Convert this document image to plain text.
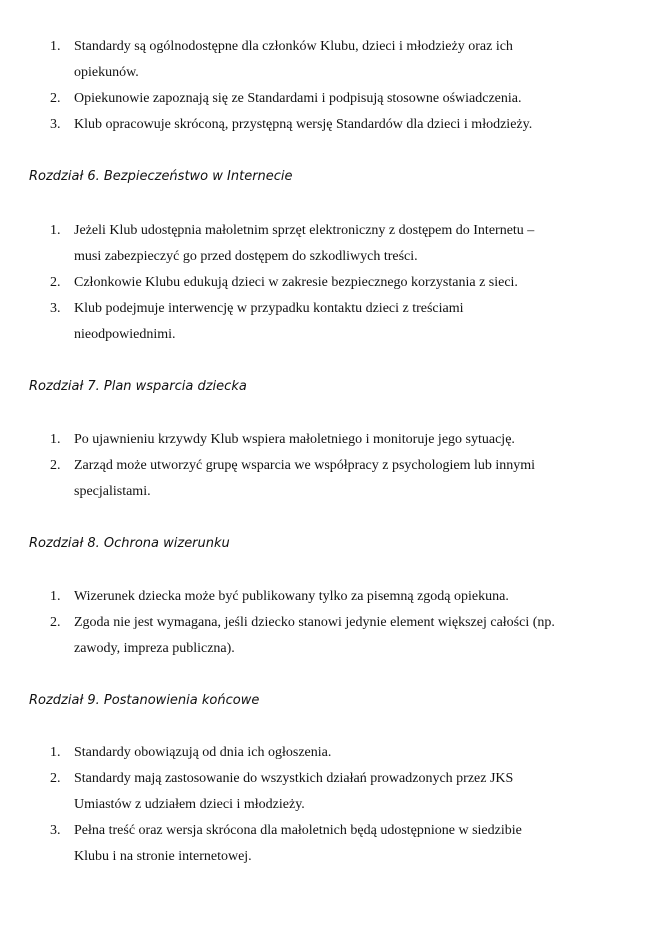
1. Standardy są ogólnodostępne dla członków Klubu, dzieci i młodzieży oraz ich
opiekunów.
2. Opiekunowie zapoznają się ze Standardami i podpisują stosowne oświadczenia.
3. Klub opracowuje skróconą, przystępną wersję Standardów dla dzieci i młodzieży.
Rozdział 6. Bezpieczeństwo w Internecie
1. Jeżeli Klub udostępnia małoletnim sprzęt elektroniczny z dostępem do Internetu –
musi zabezpieczyć go przed dostępem do szkodliwych treści.
2. Członkowie Klubu edukują dzieci w zakresie bezpiecznego korzystania z sieci.
3. Klub podejmuje interwencję w przypadku kontaktu dzieci z treściami
nieodpowiednimi.
Rozdział 7. Plan wsparcia dziecka
1. Po ujawnieniu krzywdy Klub wspiera małoletniego i monitoruje jego sytuację.
2. Zarząd może utworzyć grupę wsparcia we współpracy z psychologiem lub innymi
specjalistami.
Rozdział 8. Ochrona wizerunku
1. Wizerunek dziecka może być publikowany tylko za pisemną zgodą opiekuna.
2. Zgoda nie jest wymagana, jeśli dziecko stanowi jedynie element większej całości (np.
zawody, impreza publiczna).
Rozdział 9. Postanowienia końcowe
1. Standardy obowiązują od dnia ich ogłoszenia.
2. Standardy mają zastosowanie do wszystkich działań prowadzonych przez JKS
Umiastów z udziałem dzieci i młodzieży.
3. Pełna treść oraz wersja skrócona dla małoletnich będą udostępnione w siedzibie
Klubu i na stronie internetowej.
